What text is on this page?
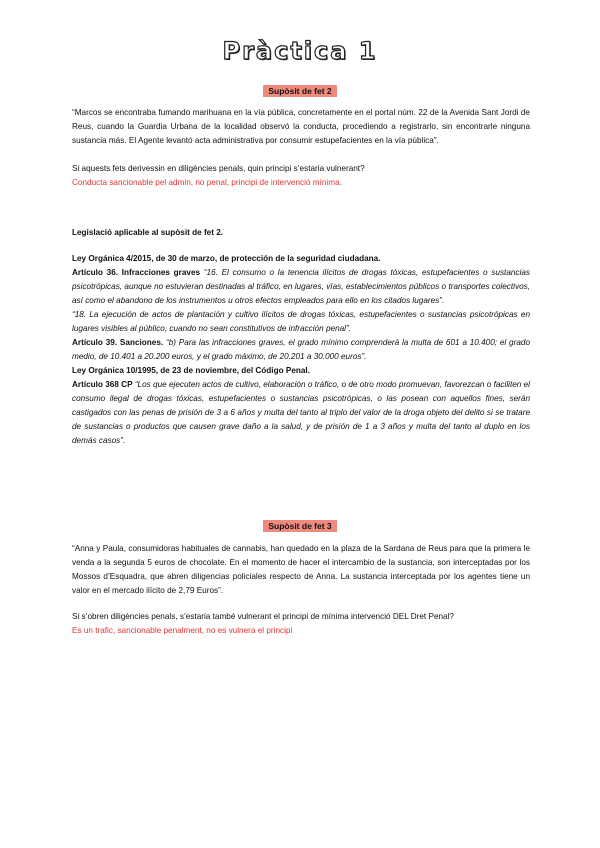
Pràctica 1
Supòsit de fet 2

“Marcos se encontraba fumando marihuana en la vía pública, concretamente en el portal núm. 22 de la Avenida Sant Jordi de Reus, cuando la Guardia Urbana de la localidad observó la conducta, procediendo a registrarlo, sin encontrarle ninguna sustancia más. El Agente levantó acta administrativa por consumir estupefacientes en la vía pública”.

Si aquests fets derivessin en diligències penals, quin principi s’estaria vulnerant?

Conducta sancionable pel admin, no penal, principi de intervenció mínima.

Legislació aplicable al supòsit de fet 2.

Ley Orgánica 4/2015, de 30 de marzo, de protección de la seguridad ciudadana.

Artículo 36. Infracciones graves “16. El consumo o la tenencia ilícitos de drogas tóxicas, estupefacientes o sustancias psicotrópicas, aunque no estuvieran destinadas al tráfico, en lugares, vías, establecimientos públicos o transportes colectivos, así como el abandono de los instrumentos u otros efectos empleados para ello en los citados lugares”.

“18. La ejecución de actos de plantación y cultivo ilícitos de drogas tóxicas, estupefacientes o sustancias psicotrópicas en lugares visibles al público, cuando no sean constitutivos de infracción penal”.

Artículo 39. Sanciones. “b) Para las infracciones graves, el grado mínimo comprenderá la multa de 601 a 10.400; el grado medio, de 10.401 a 20.200 euros, y el grado máximo, de 20.201 a 30.000 euros”.

Ley Orgánica 10/1995, de 23 de noviembre, del Código Penal.

Artículo 368 CP “Los que ejecuten actos de cultivo, elaboración o tráfico, o de otro modo promuevan, favorezcan o faciliten el consumo ilegal de drogas tóxicas, estupefacientes o sustancias psicotrópicas, o las posean con aquellos fines, serán castigados con las penas de prisión de 3 a 6 años y multa del tanto al triplo del valor de la droga objeto del delito si se tratare de sustancias o productos que causen grave daño a la salud, y de prisión de 1 a 3 años y multa del tanto al duplo en los demás casos”.

Supòsit de fet 3

“Anna y Paula, consumidoras habituales de cannabis, han quedado en la plaza de la Sardana de Reus para que la primera le venda a la segunda 5 euros de chocolate. En el momento de hacer el intercambio de la sustancia, son interceptadas por los Mossos d’Esquadra, que abren diligencias policiales respecto de Anna. La sustancia interceptada por los agentes tiene un valor en el mercado ilícito de 2,79 Euros”.

Si s’obren diligències penals, s’estaria també vulnerant el principi de mínima intervenció DEL Dret Penal?

Es un trafic, sancionable penalment, no es vulnera el principi
